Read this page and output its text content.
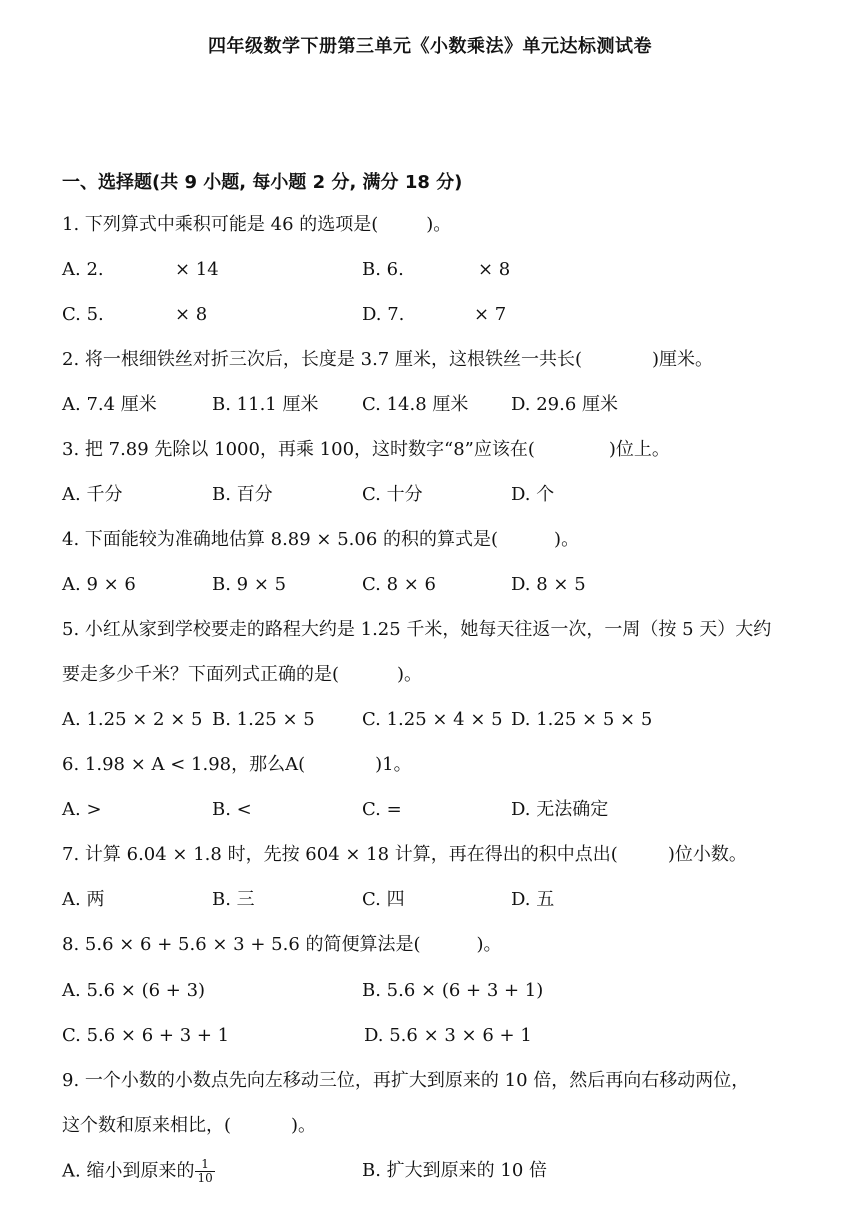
四年级数学下册第三单元《小数乘法》单元达标测试卷
一、选择题(共 9 小题, 每小题 2 分, 满分 18 分)
1. 下列算式中乘积可能是 46 的选项是(	)。
A. 2.	× 14	B. 6.	× 8
C. 5.	× 8	D. 7.	× 7
2. 将一根细铁丝对折三次后，长度是 3.7 厘米，这根铁丝一共长(	)厘米。
A. 7.4 厘米	B. 11.1 厘米 C. 14.8 厘米 D. 29.6 厘米
3. 把 7.89 先除以 1000，再乘 100，这时数字“8”应该在(	)位上。
A. 千分	B. 百分	C. 十分	D. 个
4. 下面能较为准确地估算 8.89 × 5.06 的积的算式是(	)。
A. 9 × 6	B. 9 × 5	C. 8 × 6	D. 8 × 5
5. 小红从家到学校要走的路程大约是 1.25 千米，她每天往返一次，一周（按 5 天）大约
要走多少千米？下面列式正确的是(	)。
A. 1.25 × 2 × 5 B. 1.25 × 5	C. 1.25 × 4 × 5 D. 1.25 × 5 × 5
6. 1.98 × A < 1.98，那么A(	)1。
A. >	B. <	C. =	D. 无法确定
7. 计算 6.04 × 1.8 时，先按 604 × 18 计算，再在得出的积中点出(	)位小数。
A. 两	B. 三	C. 四	D. 五
8. 5.6 × 6 + 5.6 × 3 + 5.6 的简便算法是(	)。
A. 5.6 × (6 + 3)	B. 5.6 × (6 + 3 + 1)
C. 5.6 × 6 + 3 + 1	D. 5.6 × 3 × 6 + 1
9. 一个小数的小数点先向左移动三位，再扩大到原来的 10 倍，然后再向右移动两位，
这个数和原来相比，(	)。
A. 缩小到原来的 $\frac{1}{10}$	B. 扩大到原来的 10 倍
